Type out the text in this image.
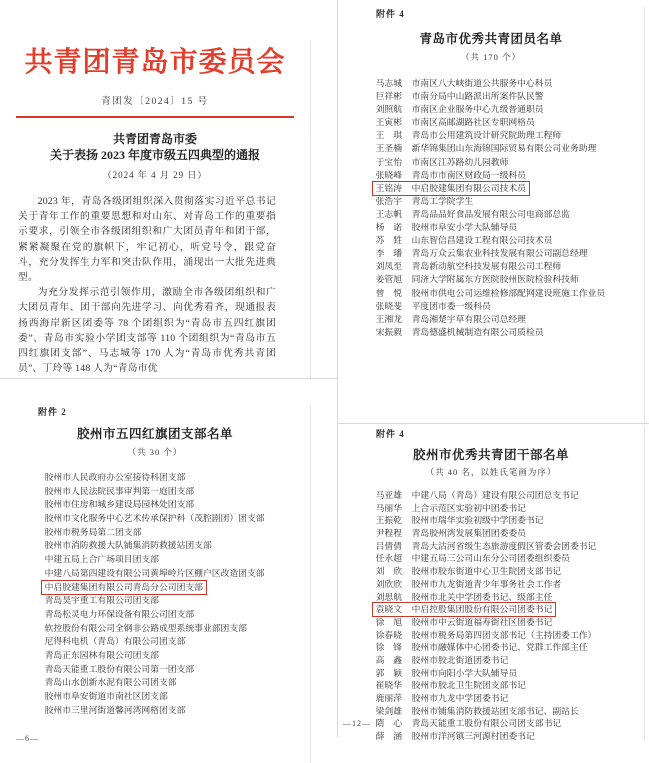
共青团青岛市委员会
青团发〔2024〕15 号
共青团青岛市委
关于表扬 2023 年度市级五四典型的通报
（2024 年 4 月 29 日）

2023 年，青岛各级团组织深入贯彻落实习近平总书记关于青年工作的重要思想和对山东、对青岛工作的重要指示要求，引领全市各级团组织和广大团员青年和团干部，紧紧凝聚在党的旗帜下，牢记初心，听党号令，跟党奋斗，充分发挥生力军和突击队作用，涌现出一大批先进典型。

为充分发挥示范引领作用，激励全市各级团组织和广大团员青年、团干部向先进学习、向优秀看齐，现通报表扬西海岸新区团委等 78 个团组织为“青岛市五四红旗团委”、青岛市实验小学团支部等 110 个团组织为“青岛市五四红旗团支部”、马志城等 170 人为“青岛市优秀共青团员”、丁玲等 148 人为“青岛市优

附件 2
胶州市五四红旗团支部名单
（共 30 个）
胶州市人民政府办公室接待科团支部
胶州市人民法院民事审判第一庭团支部
胶州市住房和城乡建设局园林处团支部
胶州市文化服务中心艺术传承保护科（茂腔剧团）团支部
胶州市税务局第二团支部
胶州市消防救援大队铺集消防救援站团支部
中建五局上合广场项目团支部
中建八局第四建设有限公司黄埠岭片区棚户区改造团支部
中启胶建集团有限公司青岛分公司团支部
青岛昊宇重工有限公司团支部
青岛松灵电力环保设备有限公司团支部
软控股份有限公司全钢非公路成型系统事业部团支部
尼得科电机（青岛）有限公司团支部
青岛正东园林有限公司团支部
青岛天能重工股份有限公司第一团支部
青岛山水创新水泥有限公司团支部
胶州市阜安街道市南社区团支部
胶州市三里河街道馨河湾网格团支部
—6—
附件 4
青岛市优秀共青团员名单
（共 170 个）
马志城 市南区八大峡街道公共服务中心科员
巨祥彬 市南分局中山路派出所案件队民警
刘照航 市南区企业服务中心九级普通职员
王寅彬 市南区高邮湖路社区专职网格员
王　琪 青岛市公用建筑设计研究院助理工程师
王圣楠 新华锦集团山东海锦国际贸易有限公司业务助理
于宝怡 市南区江苏路幼儿园教师
张晓峰 青岛市市南区财政局一级科员
王铭涛 中启胶建集团有限公司技术员
张浩宇 青岛工学院学生
王志帆 青岛品品好食品发展有限公司电商部总监
杨　诺 胶州市阜安小学大队辅导员
苏　甡 山东智信昌建设工程有限公司技术员
李　璠 青岛万众云集农业科技发展有限公司副总经理
刘凤至 青岛新动航空科技发展有限公司工程师
姜管旭 同济大学附属东方医院胶州医院检验科技师
曾　悦 胶州市供电公司运维检修部配网建设班施工作业员
张晓斐 平度团市委一级科员
王湘龙 青岛湘楚宇草有限公司总经理
宋振毅 青岛德盛机械制造有限公司质检员
附件 4
胶州市优秀共青团干部名单
（共 40 名，以姓氏笔画为序）
马亚雄 中建八局（青岛）建设有限公司团总支书记
马丽华 上合示范区实验初中团委书记
王振乾 胶州市瑞华实验初级中学团委书记
尹程程 青岛胶州湾发展集团团委委员
吕倩倩 青岛大沽河省级生态旅游度假区管委会团委书记
任永超 中建五局三公司山东分公司团委组织委员
刘　欣 胶州市胶东街道中心卫生院团支部书记
刘欣欣 胶州市九龙街道青少年事务社会工作者
刘思航 胶州市北关中学团委书记、级部主任
袁晓文 中启控股集团股份有限公司团委书记
徐　旭 胶州市中云街道福寿街社区团委书记
徐春晓 胶州市税务局第四团支部书记（主持团委工作）
徐　锋 胶州市融媒体中心团委书记、党群工作部主任
高　鑫 胶州市胶北街道团委书记
郭　颖 胶州市向阳小学大队辅导员
崔晓华 胶州市胶北卫生院团支部书记
鹿丽萍 胶州市九龙中学团委书记
梁剑雄 胶州市铺集消防救援站团支部书记、副站长
隋　心 青岛天能重工股份有限公司团支部书记
薛　涵 胶州市洋河镇三河源村团委书记
—12—
